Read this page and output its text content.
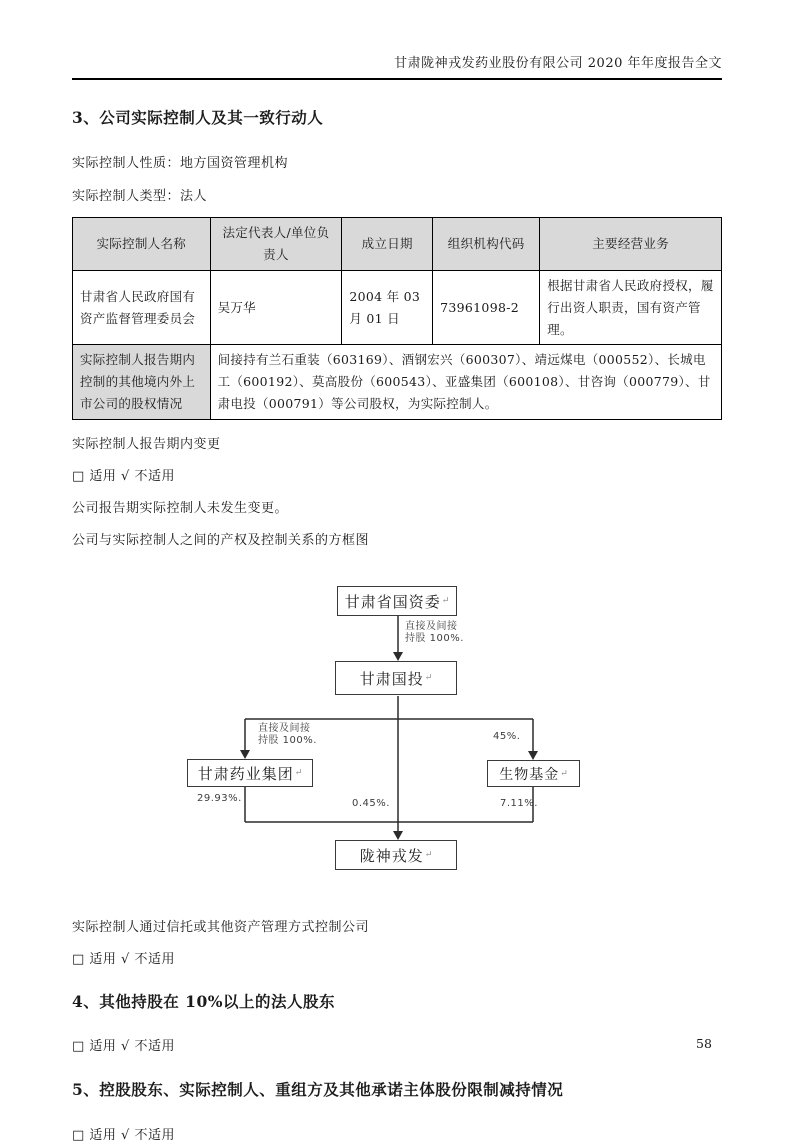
甘肃陇神戎发药业股份有限公司 2020 年年度报告全文
3、公司实际控制人及其一致行动人

实际控制人性质：地方国资管理机构

实际控制人类型：法人

实际控制人名称	法定代表人/单位负责人	成立日期	组织机构代码	主要经营业务
甘肃省人民政府国有资产监督管理委员会	吴万华	2004 年 03 月 01 日	73961098-2	根据甘肃省人民政府授权，履行出资人职责，国有资产管理。
实际控制人报告期内控制的其他境内外上市公司的股权情况	间接持有兰石重装（603169）、酒钢宏兴（600307）、靖远煤电（000552）、长城电工（600192）、莫高股份（600543）、亚盛集团（600108）、甘咨询（000779）、甘肃电投（000791）等公司股权，为实际控制人。			

实际控制人报告期内变更

□ 适用 √ 不适用

公司报告期实际控制人未发生变更。

公司与实际控制人之间的产权及控制关系的方框图

甘肃省国资委 ↵
甘肃国投 ↵
甘肃药业集团 ↵	生物基金 ↵
陇神戎发 ↵
直接及间接
持股 100%.
直接及间接
持股 100%.	45%.
29.93%.	0.45%.	7.11%.

实际控制人通过信托或其他资产管理方式控制公司

□ 适用 √ 不适用

4、其他持股在 10%以上的法人股东

□ 适用 √ 不适用

5、控股股东、实际控制人、重组方及其他承诺主体股份限制减持情况

□ 适用 √ 不适用

58
